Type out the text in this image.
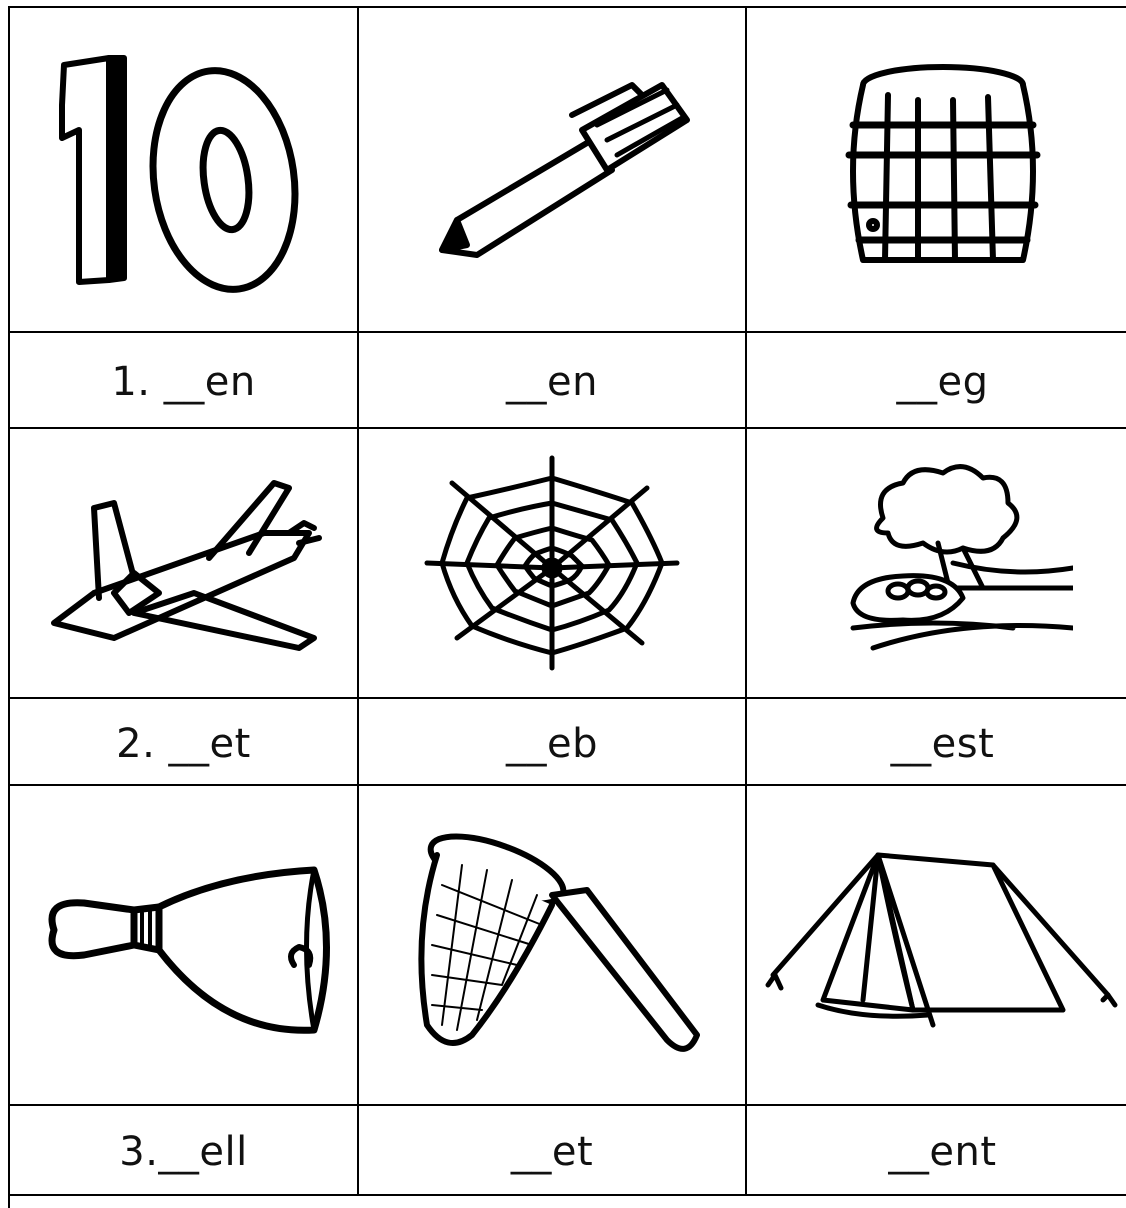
1. __en	__en	__eg
2. __et	__eb	__est
3.__ell	__et	__ent
